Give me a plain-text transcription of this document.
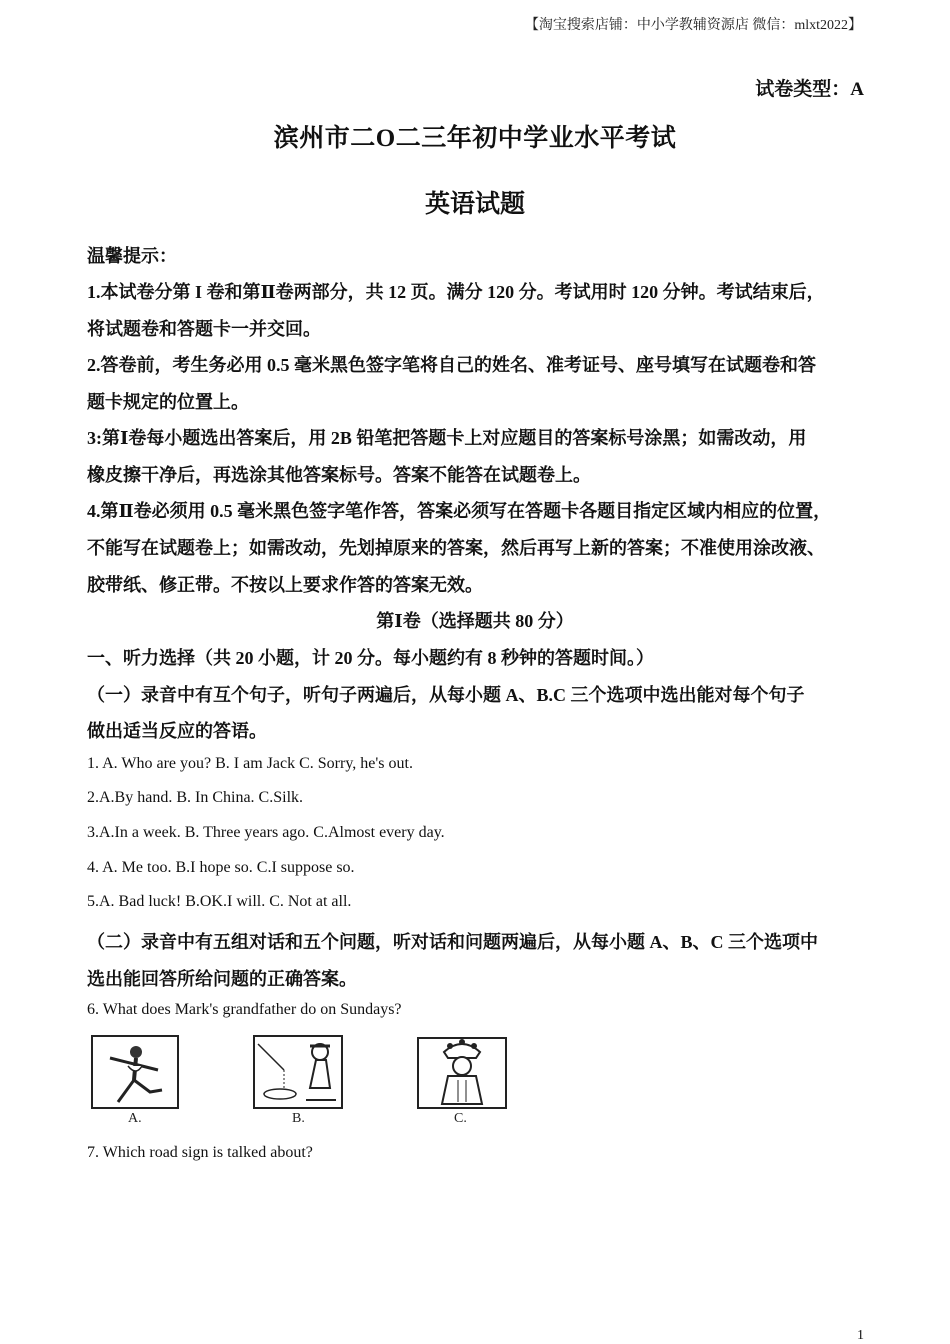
【淘宝搜索店铺：中小学教辅资源店 微信：mlxt2022】
试卷类型：A
滨州市二O二三年初中学业水平考试
英语试题
温馨提示：
1.本试卷分第 I 卷和第Ⅱ卷两部分，共 12 页。满分 120 分。考试用时 120 分钟。考试结束后，
将试题卷和答题卡一并交回。
2.答卷前，考生务必用 0.5 毫米黑色签字笔将自己的姓名、准考证号、座号填写在试题卷和答
题卡规定的位置上。
3:第Ⅰ卷每小题选出答案后，用 2B 铅笔把答题卡上对应题目的答案标号涂黑；如需改动，用
橡皮擦干净后，再选涂其他答案标号。答案不能答在试题卷上。
4.第Ⅱ卷必须用 0.5 毫米黑色签字笔作答，答案必须写在答题卡各题目指定区域内相应的位置，
不能写在试题卷上；如需改动，先划掉原来的答案，然后再写上新的答案；不准使用涂改液、
胶带纸、修正带。不按以上要求作答的答案无效。
第Ⅰ卷（选择题共 80 分）
一、听力选择（共 20 小题，计 20 分。每小题约有 8 秒钟的答题时间。）
（一）录音中有互个句子，听句子两遍后，从每小题 A、B.C 三个选项中选出能对每个句子
做出适当反应的答语。
1. A. Who are you? B. I am Jack C. Sorry, he's out.
2.A.By hand. B. In China. C.Silk.
3.A.In a week. B. Three years ago. C.Almost every day.
4. A. Me too. B.I hope so. C.I suppose so.
5.A. Bad luck! B.OK.I will. C. Not at all.
（二）录音中有五组对话和五个问题，听对话和问题两遍后，从每小题 A、B、C 三个选项中
选出能回答所给问题的正确答案。
6. What does Mark's grandfather do on Sundays?
A.	B.	C.
7. Which road sign is talked about?
1
